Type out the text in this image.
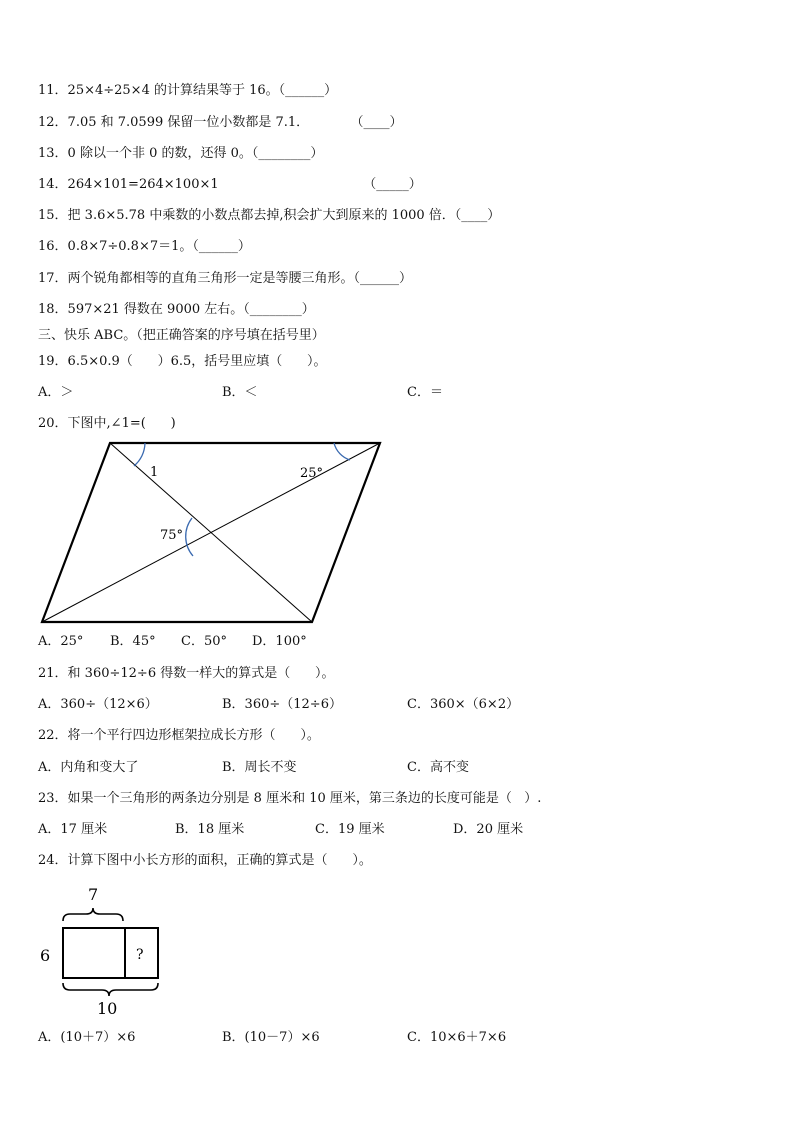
11．25×4÷25×4 的计算结果等于 16。（______）
12．7.05 和 7.0599 保留一位小数都是 7.1．          （____）
13．0 除以一个非 0 的数，还得 0。（________）
14．264×101=264×100×1                                   （_____）
15．把 3.6×5.78 中乘数的小数点都去掉,积会扩大到原来的 1000 倍．（____）
16．0.8×7÷0.8×7＝1。（______）
17．两个锐角都相等的直角三角形一定是等腰三角形。（______）
18．597×21 得数在 9000 左右。（________）
三、快乐 ABC。（把正确答案的序号填在括号里）
19．6.5×0.9（      ）6.5，括号里应填（      ）。
A．＞	B．＜	C．＝
20．下图中,∠1=(      )
1	25°
75°
A．25° B．45° C．50° D．100°
21．和 360÷12÷6 得数一样大的算式是（      ）。
A．360÷（12×6）	B．360÷（12÷6）	C．360×（6×2）
22．将一个平行四边形框架拉成长方形（      ）。
A．内角和变大了	B．周长不变	C．高不变
23．如果一个三角形的两条边分别是 8 厘米和 10 厘米，第三条边的长度可能是（   ）.
A．17 厘米	B．18 厘米	C．19 厘米	D．20 厘米
24．计算下图中小长方形的面积，正确的算式是（      ）。
7
6	?
10
A．(10＋7）×6	B．(10－7）×6	C．10×6＋7×6
